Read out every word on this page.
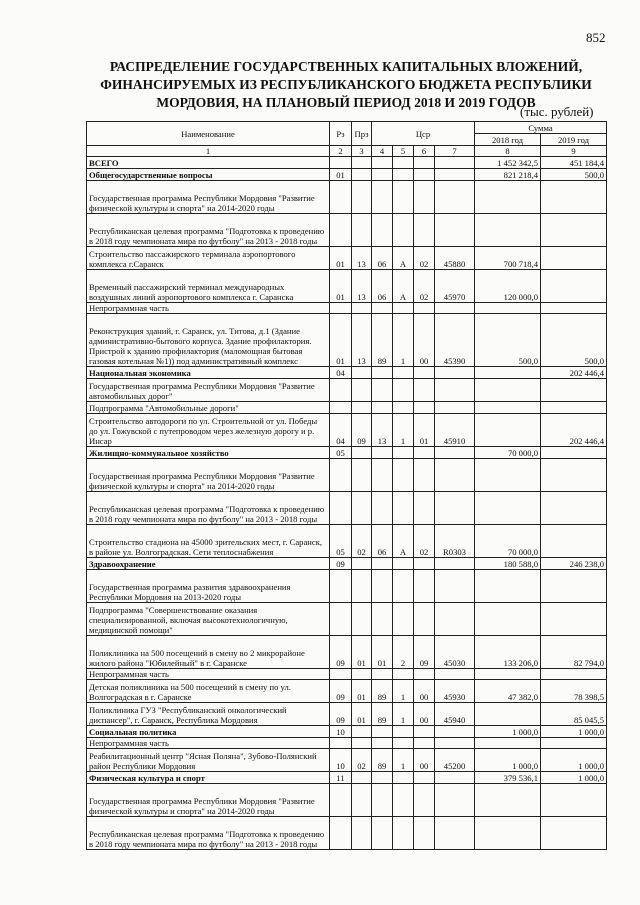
852
РАСПРЕДЕЛЕНИЕ ГОСУДАРСТВЕННЫХ КАПИТАЛЬНЫХ ВЛОЖЕНИЙ,
ФИНАНСИРУЕМЫХ ИЗ РЕСПУБЛИКАНСКОГО БЮДЖЕТА РЕСПУБЛИКИ
МОРДОВИЯ, НА ПЛАНОВЫЙ ПЕРИОД 2018 И 2019 ГОДОВ
(тыс. рублей)
Наименование	Рз	Прз	Цср				Сумма	
							2018 год	2019 год
1	2	3	4	5	6	7	8	9
ВСЕГО							1 452 342,5	451 184,4
Общегосударственные вопросы	01						821 218,4	500,0
Государственная программа Республики Мордовия "Развитие физической культуры и спорта" на 2014-2020 годы								
Республиканская целевая программа "Подготовка к проведению в 2018 году чемпионата мира по футболу" на 2013 - 2018 годы								
Строительство пассажирского терминала аэропортового комплекса г.Саранск	01	13	06	А	02	45880	700 718,4	
Временный пассажирский терминал международных воздушных линий аэропортового комплекса г. Саранска	01	13	06	А	02	45970	120 000,0	
Непрограммная часть								
Реконструкция зданий, г. Саранск, ул. Титова, д.1 (Здание административно-бытового корпуса. Здание профилактория. Пристрой к зданию профилактория (маломощная бытовая газовая котельная №1)) под административный комплекс	01	13	89	1	00	45390	500,0	500,0
Национальная экономика	04							202 446,4
Государственная программа Республики Мордовия "Развитие автомобильных дорог"								
Подпрограмма "Автомобильные дороги"								
Строительство автодороги по ул. Строительной от ул. Победы до ул. Гожувской с путепроводом через железную дорогу и р. Инсар	04	09	13	1	01	45910		202 446,4
Жилищно-коммунальное хозяйство	05						70 000,0	
Государственная программа Республики Мордовия "Развитие физической культуры и спорта" на 2014-2020 годы								
Республиканская целевая программа "Подготовка к проведению в 2018 году чемпионата мира по футболу" на 2013 - 2018 годы								
Строительство стадиона на 45000 зрительских мест, г. Саранск, в районе ул. Волгоградская. Сети теплоснабжения	05	02	06	А	02	R0303	70 000,0	
Здравоохранение	09						180 588,0	246 238,0
Государственная программа развития здравоохранения Республики Мордовия на 2013-2020 годы								
Подпрограмма "Совершенствование оказания специализированной, включая высокотехнологичную, медицинской помощи"								
Поликлиника на 500 посещений в смену во 2 микрорайоне жилого района "Юбилейный" в г. Саранске	09	01	01	2	09	45030	133 206,0	82 794,0
Непрограммная часть								
Детская поликлиника на 500 посещений в смену по ул. Волгоградская в г. Саранске	09	01	89	1	00	45930	47 382,0	78 398,5
Поликлиника ГУЗ "Республиканский онкологический диспансер", г. Саранск, Республика Мордовия	09	01	89	1	00	45940		85 045,5
Социальная политика	10						1 000,0	1 000,0
Непрограммная часть								
Реабилитационный центр "Ясная Поляна", Зубово-Полянский район Республики Мордовия	10	02	89	1	00	45200	1 000,0	1 000,0
Физическая культура и спорт	11						379 536,1	1 000,0
Государственная программа Республики Мордовия "Развитие физической культуры и спорта" на 2014-2020 годы								
Республиканская целевая программа "Подготовка к проведению в 2018 году чемпионата мира по футболу" на 2013 - 2018 годы								
